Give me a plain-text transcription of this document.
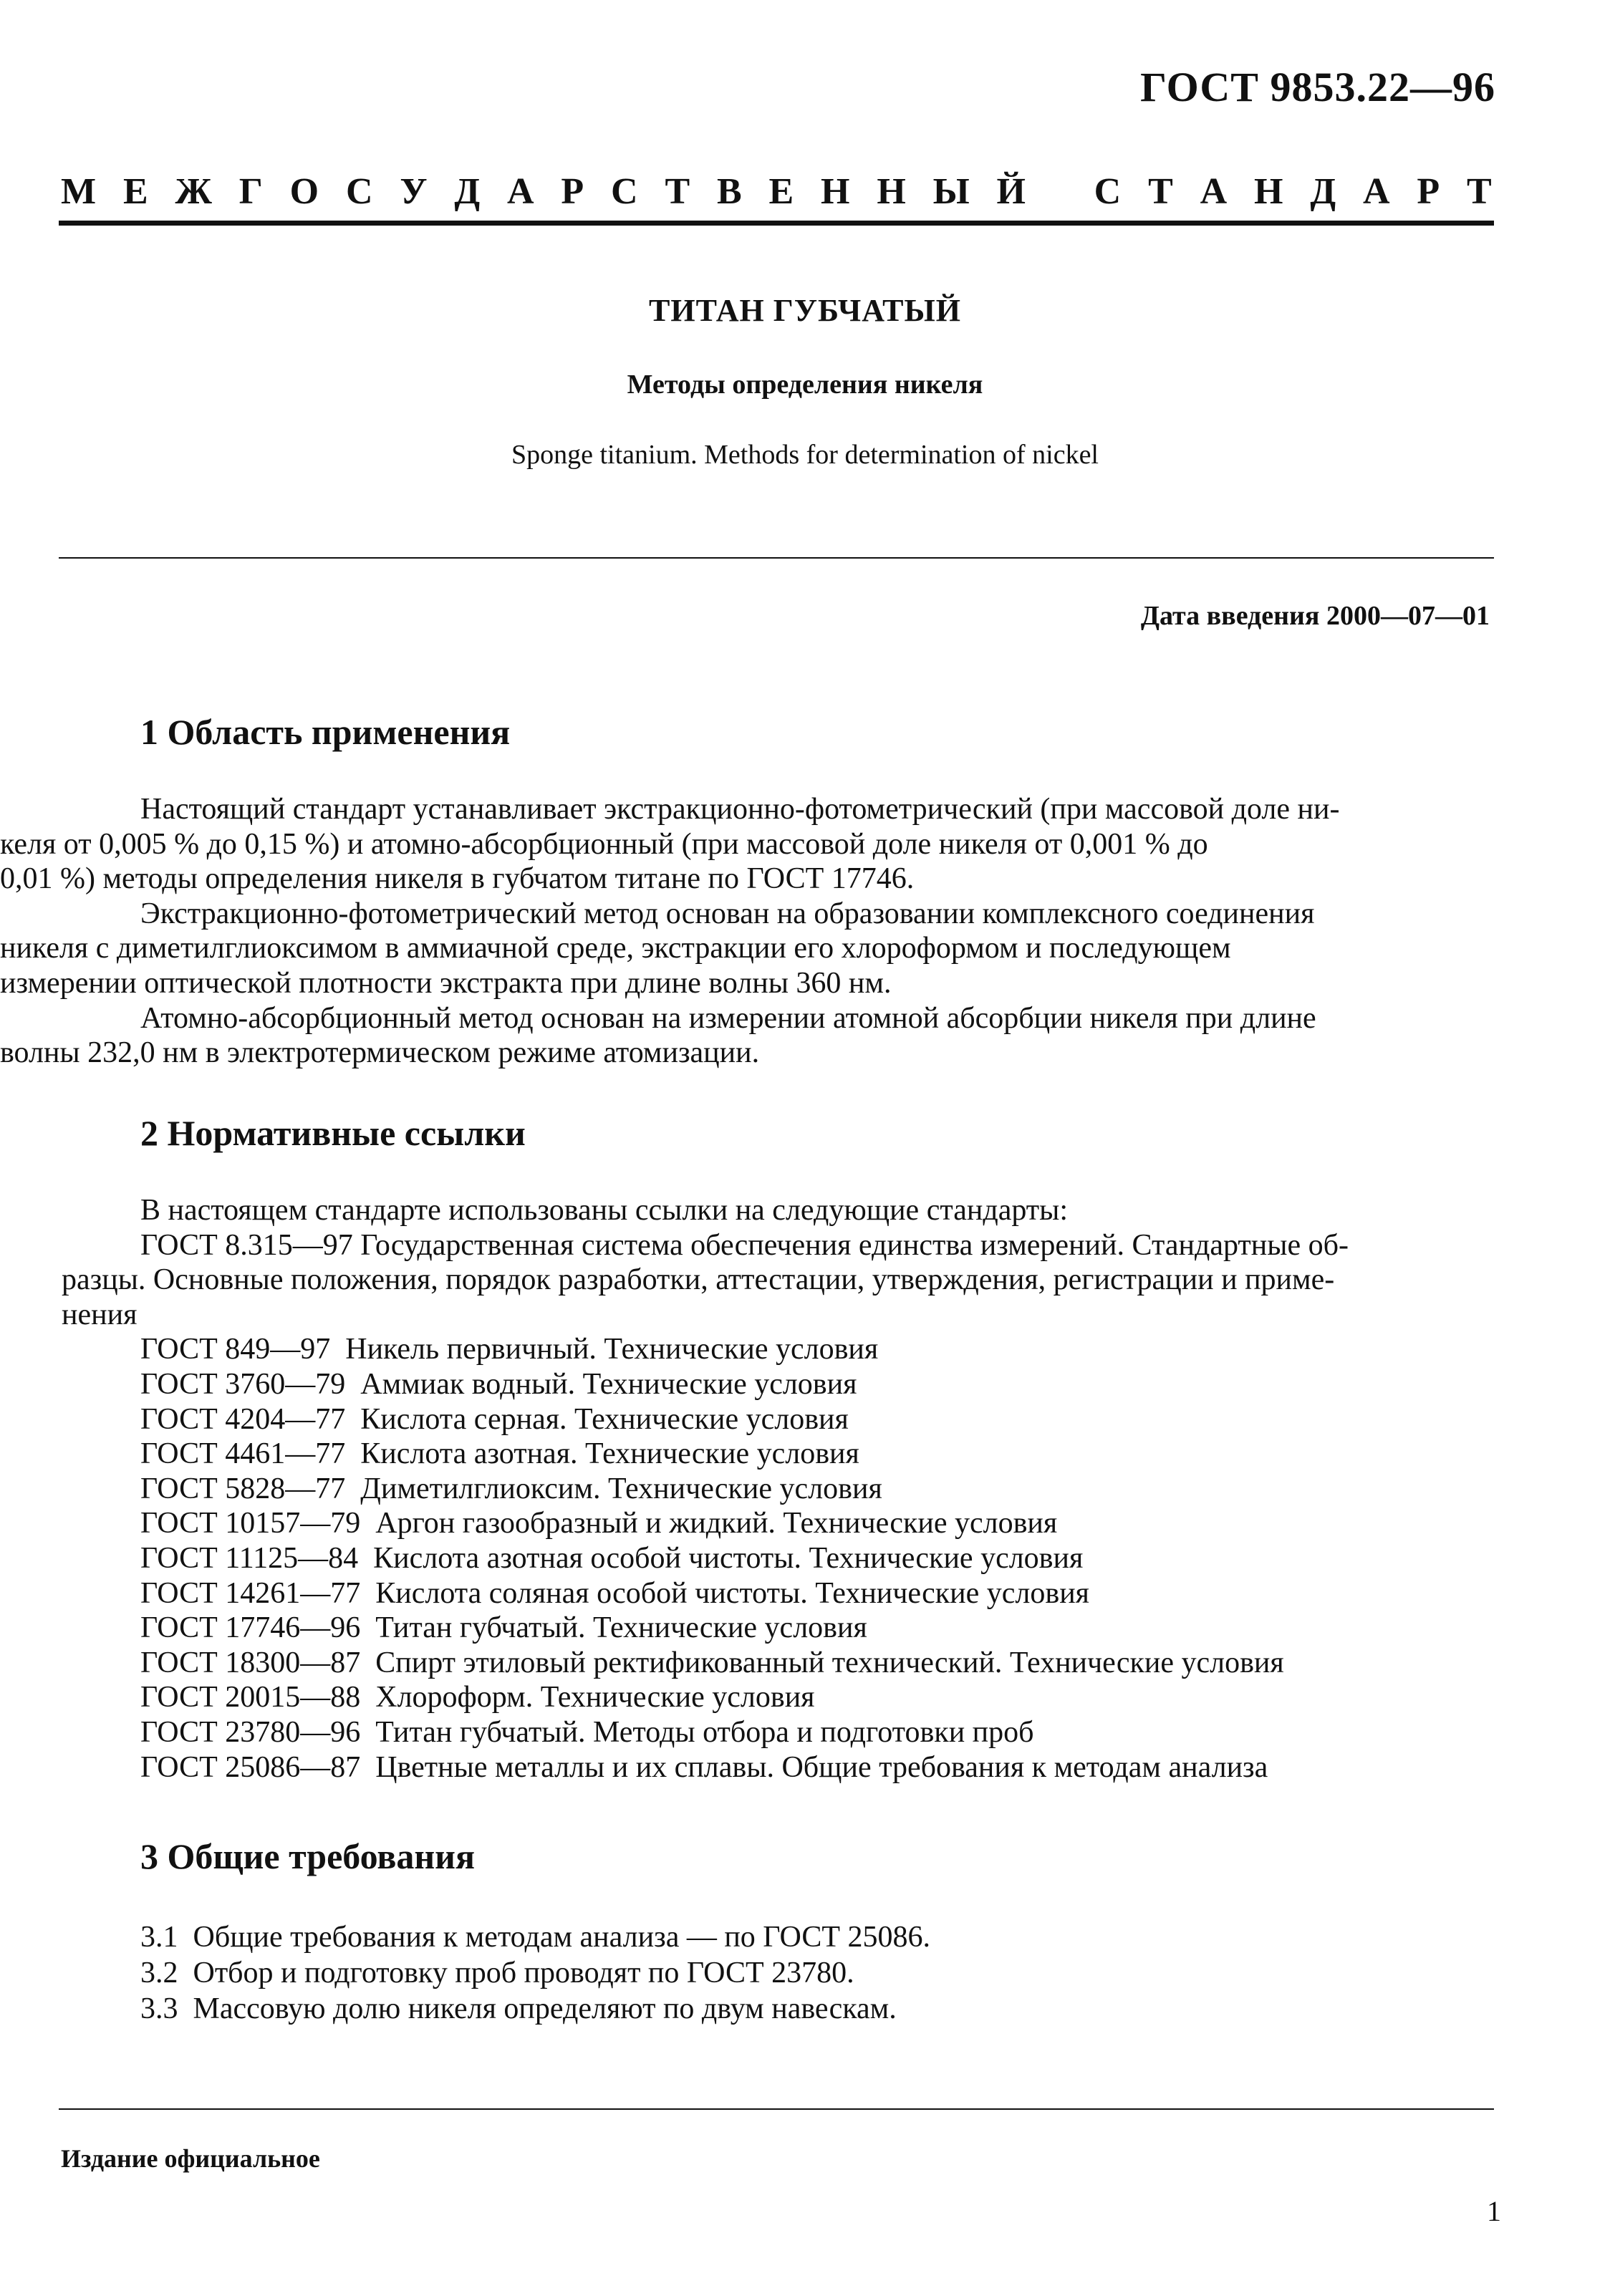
ГОСТ 9853.22—96
М Е Ж Г О С У Д А Р С Т В Е Н Н Ы Й С Т А Н Д А Р Т
ТИТАН ГУБЧАТЫЙ
Методы определения никеля
Sponge titanium. Methods for determination of nickel
Дата введения 2000—07—01
1 Область применения
Настоящий стандарт устанавливает экстракционно-фотометрический (при массовой доле ни-
келя от 0,005 % до 0,15 %) и атомно-абсорбционный (при массовой доле никеля от 0,001 % до
0,01 %) методы определения никеля в губчатом титане по ГОСТ 17746.
Экстракционно-фотометрический метод основан на образовании комплексного соединения
никеля с диметилглиоксимом в аммиачной среде, экстракции его хлороформом и последующем
измерении оптической плотности экстракта при длине волны 360 нм.
Атомно-абсорбционный метод основан на измерении атомной абсорбции никеля при длине
волны 232,0 нм в электротермическом режиме атомизации.
2 Нормативные ссылки
В настоящем стандарте использованы ссылки на следующие стандарты:
ГОСТ 8.315—97 Государственная система обеспечения единства измерений. Стандартные об-
разцы. Основные положения, порядок разработки, аттестации, утверждения, регистрации и приме-
нения
ГОСТ 849—97  Никель первичный. Технические условия
ГОСТ 3760—79  Аммиак водный. Технические условия
ГОСТ 4204—77  Кислота серная. Технические условия
ГОСТ 4461—77  Кислота азотная. Технические условия
ГОСТ 5828—77  Диметилглиоксим. Технические условия
ГОСТ 10157—79  Аргон газообразный и жидкий. Технические условия
ГОСТ 11125—84  Кислота азотная особой чистоты. Технические условия
ГОСТ 14261—77  Кислота соляная особой чистоты. Технические условия
ГОСТ 17746—96  Титан губчатый. Технические условия
ГОСТ 18300—87  Спирт этиловый ректификованный технический. Технические условия
ГОСТ 20015—88  Хлороформ. Технические условия
ГОСТ 23780—96  Титан губчатый. Методы отбора и подготовки проб
ГОСТ 25086—87  Цветные металлы и их сплавы. Общие требования к методам анализа
3 Общие требования
3.1  Общие требования к методам анализа — по ГОСТ 25086.
3.2  Отбор и подготовку проб проводят по ГОСТ 23780.
3.3  Массовую долю никеля определяют по двум навескам.
Издание официальное
1
